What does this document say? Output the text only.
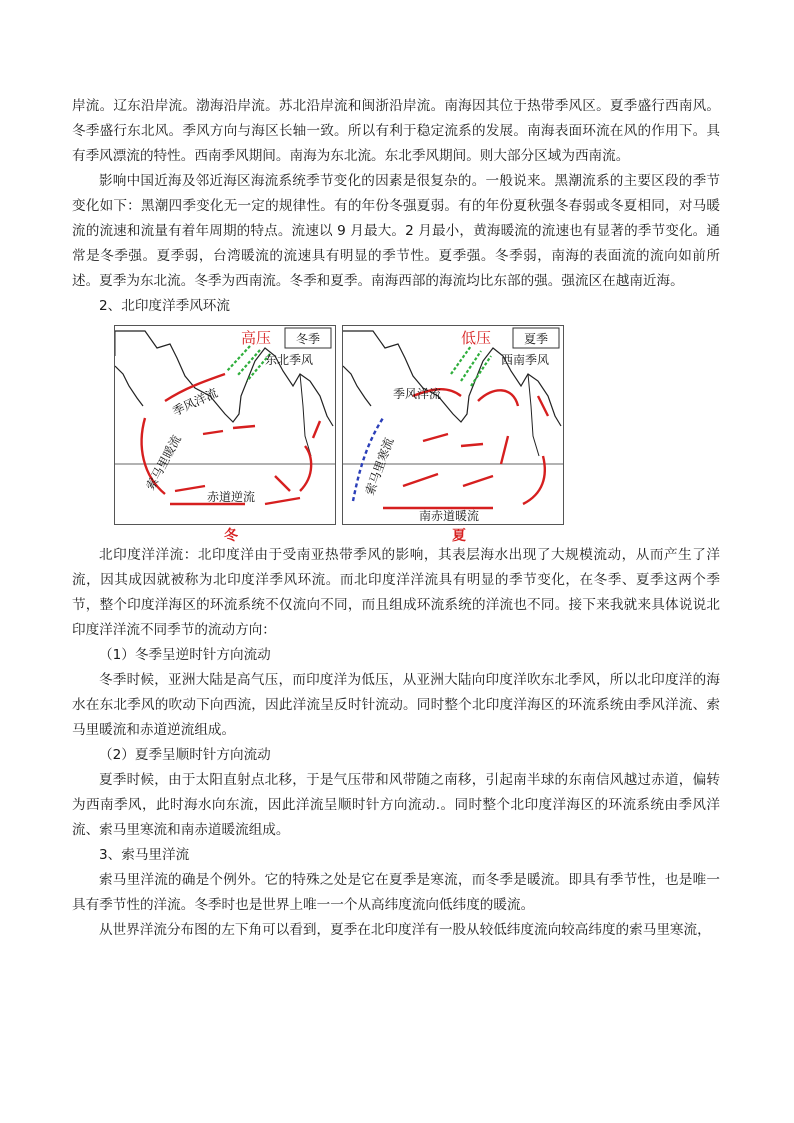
岸流。辽东沿岸流。渤海沿岸流。苏北沿岸流和闽浙沿岸流。南海因其位于热带季风区。夏季盛行西南风。冬季盛行东北风。季风方向与海区长轴一致。所以有利于稳定流系的发展。南海表面环流在风的作用下。具有季风漂流的特性。西南季风期间。南海为东北流。东北季风期间。则大部分区域为西南流。

影响中国近海及邻近海区海流系统季节变化的因素是很复杂的。一般说来。黑潮流系的主要区段的季节变化如下：黑潮四季变化无一定的规律性。有的年份冬强夏弱。有的年份夏秋强冬春弱或冬夏相同，对马暖流的流速和流量有着年周期的特点。流速以 9 月最大。2 月最小，黄海暖流的流速也有显著的季节变化。通常是冬季强。夏季弱，台湾暖流的流速具有明显的季节性。夏季强。冬季弱，南海的表面流的流向如前所述。夏季为东北流。冬季为西南流。冬季和夏季。南海西部的海流均比东部的强。强流区在越南近海。

2、北印度洋季风环流

冬季
高压
东北季风
季风洋流
索马里暖流
赤道逆流
冬
夏季
低压
西南季风
季风洋流
索马里寒流
南赤道暖流
夏

北印度洋洋流：北印度洋由于受南亚热带季风的影响，其表层海水出现了大规模流动，从而产生了洋流，因其成因就被称为北印度洋季风环流。而北印度洋洋流具有明显的季节变化，在冬季、夏季这两个季节，整个印度洋海区的环流系统不仅流向不同，而且组成环流系统的洋流也不同。接下来我就来具体说说北印度洋洋流不同季节的流动方向：

（1）冬季呈逆时针方向流动

冬季时候，亚洲大陆是高气压，而印度洋为低压，从亚洲大陆向印度洋吹东北季风，所以北印度洋的海水在东北季风的吹动下向西流，因此洋流呈反时针流动。同时整个北印度洋海区的环流系统由季风洋流、索马里暖流和赤道逆流组成。

（2）夏季呈顺时针方向流动

夏季时候，由于太阳直射点北移，于是气压带和风带随之南移，引起南半球的东南信风越过赤道，偏转为西南季风，此时海水向东流，因此洋流呈顺时针方向流动.。同时整个北印度洋海区的环流系统由季风洋流、索马里寒流和南赤道暖流组成。

3、索马里洋流

索马里洋流的确是个例外。它的特殊之处是它在夏季是寒流，而冬季是暖流。即具有季节性，也是唯一具有季节性的洋流。冬季时也是世界上唯一一个从高纬度流向低纬度的暖流。

从世界洋流分布图的左下角可以看到，夏季在北印度洋有一股从较低纬度流向较高纬度的索马里寒流，
